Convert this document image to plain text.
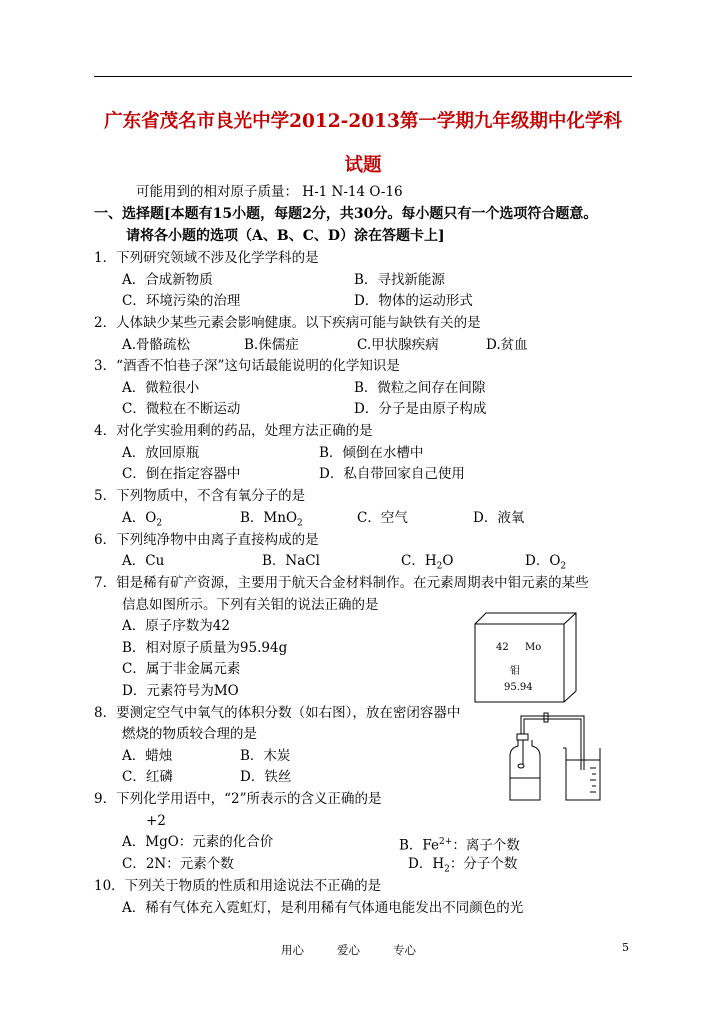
广东省茂名市良光中学2012-2013第一学期九年级期中化学科
试题
可能用到的相对原子质量： H-1 N-14 O-16
一、选择题[本题有15小题，每题2分，共30分。每小题只有一个选项符合题意。
请将各小题的选项（A、B、C、D）涂在答题卡上]
1．下列研究领域不涉及化学学科的是
A．合成新物质	B．寻找新能源
C．环境污染的治理	D．物体的运动形式
2．人体缺少某些元素会影响健康。以下疾病可能与缺铁有关的是
A.骨骼疏松	B.侏儒症	C.甲状腺疾病	D.贫血
3．“酒香不怕巷子深”这句话最能说明的化学知识是
A．微粒很小	B．微粒之间存在间隙
C．微粒在不断运动	D．分子是由原子构成
4．对化学实验用剩的药品，处理方法正确的是
A．放回原瓶	B．倾倒在水槽中
C．倒在指定容器中	D．私自带回家自己使用
5．下列物质中，不含有氧分子的是
A．$O_2$	B．MnO$_2$	C．空气	D．液氧
6．下列纯净物中由离子直接构成的是
A．Cu	B．NaCl	C．$H_2O$	D．$O_2$
7．钼是稀有矿产资源，主要用于航天合金材料制作。在元素周期表中钼元素的某些
信息如图所示。下列有关钼的说法正确的是
A．原子序数为42
B．相对原子质量为95.94g
C．属于非金属元素
D．元素符号为MO
42 Mo
钼
95.94
8．要测定空气中氧气的体积分数（如右图），放在密闭容器中
燃烧的物质较合理的是
A．蜡烛	B．木炭
C．红磷	D．铁丝
9．下列化学用语中，“2”所表示的含义正确的是
+2
A．MgO：元素的化合价	B．$Fe^{2+}$：离子个数
C．2N：元素个数	D．$H_2$：分子个数
10．下列关于物质的性质和用途说法不正确的是
A．稀有气体充入霓虹灯，是利用稀有气体通电能发出不同颜色的光
用心	爱心	专心	5
